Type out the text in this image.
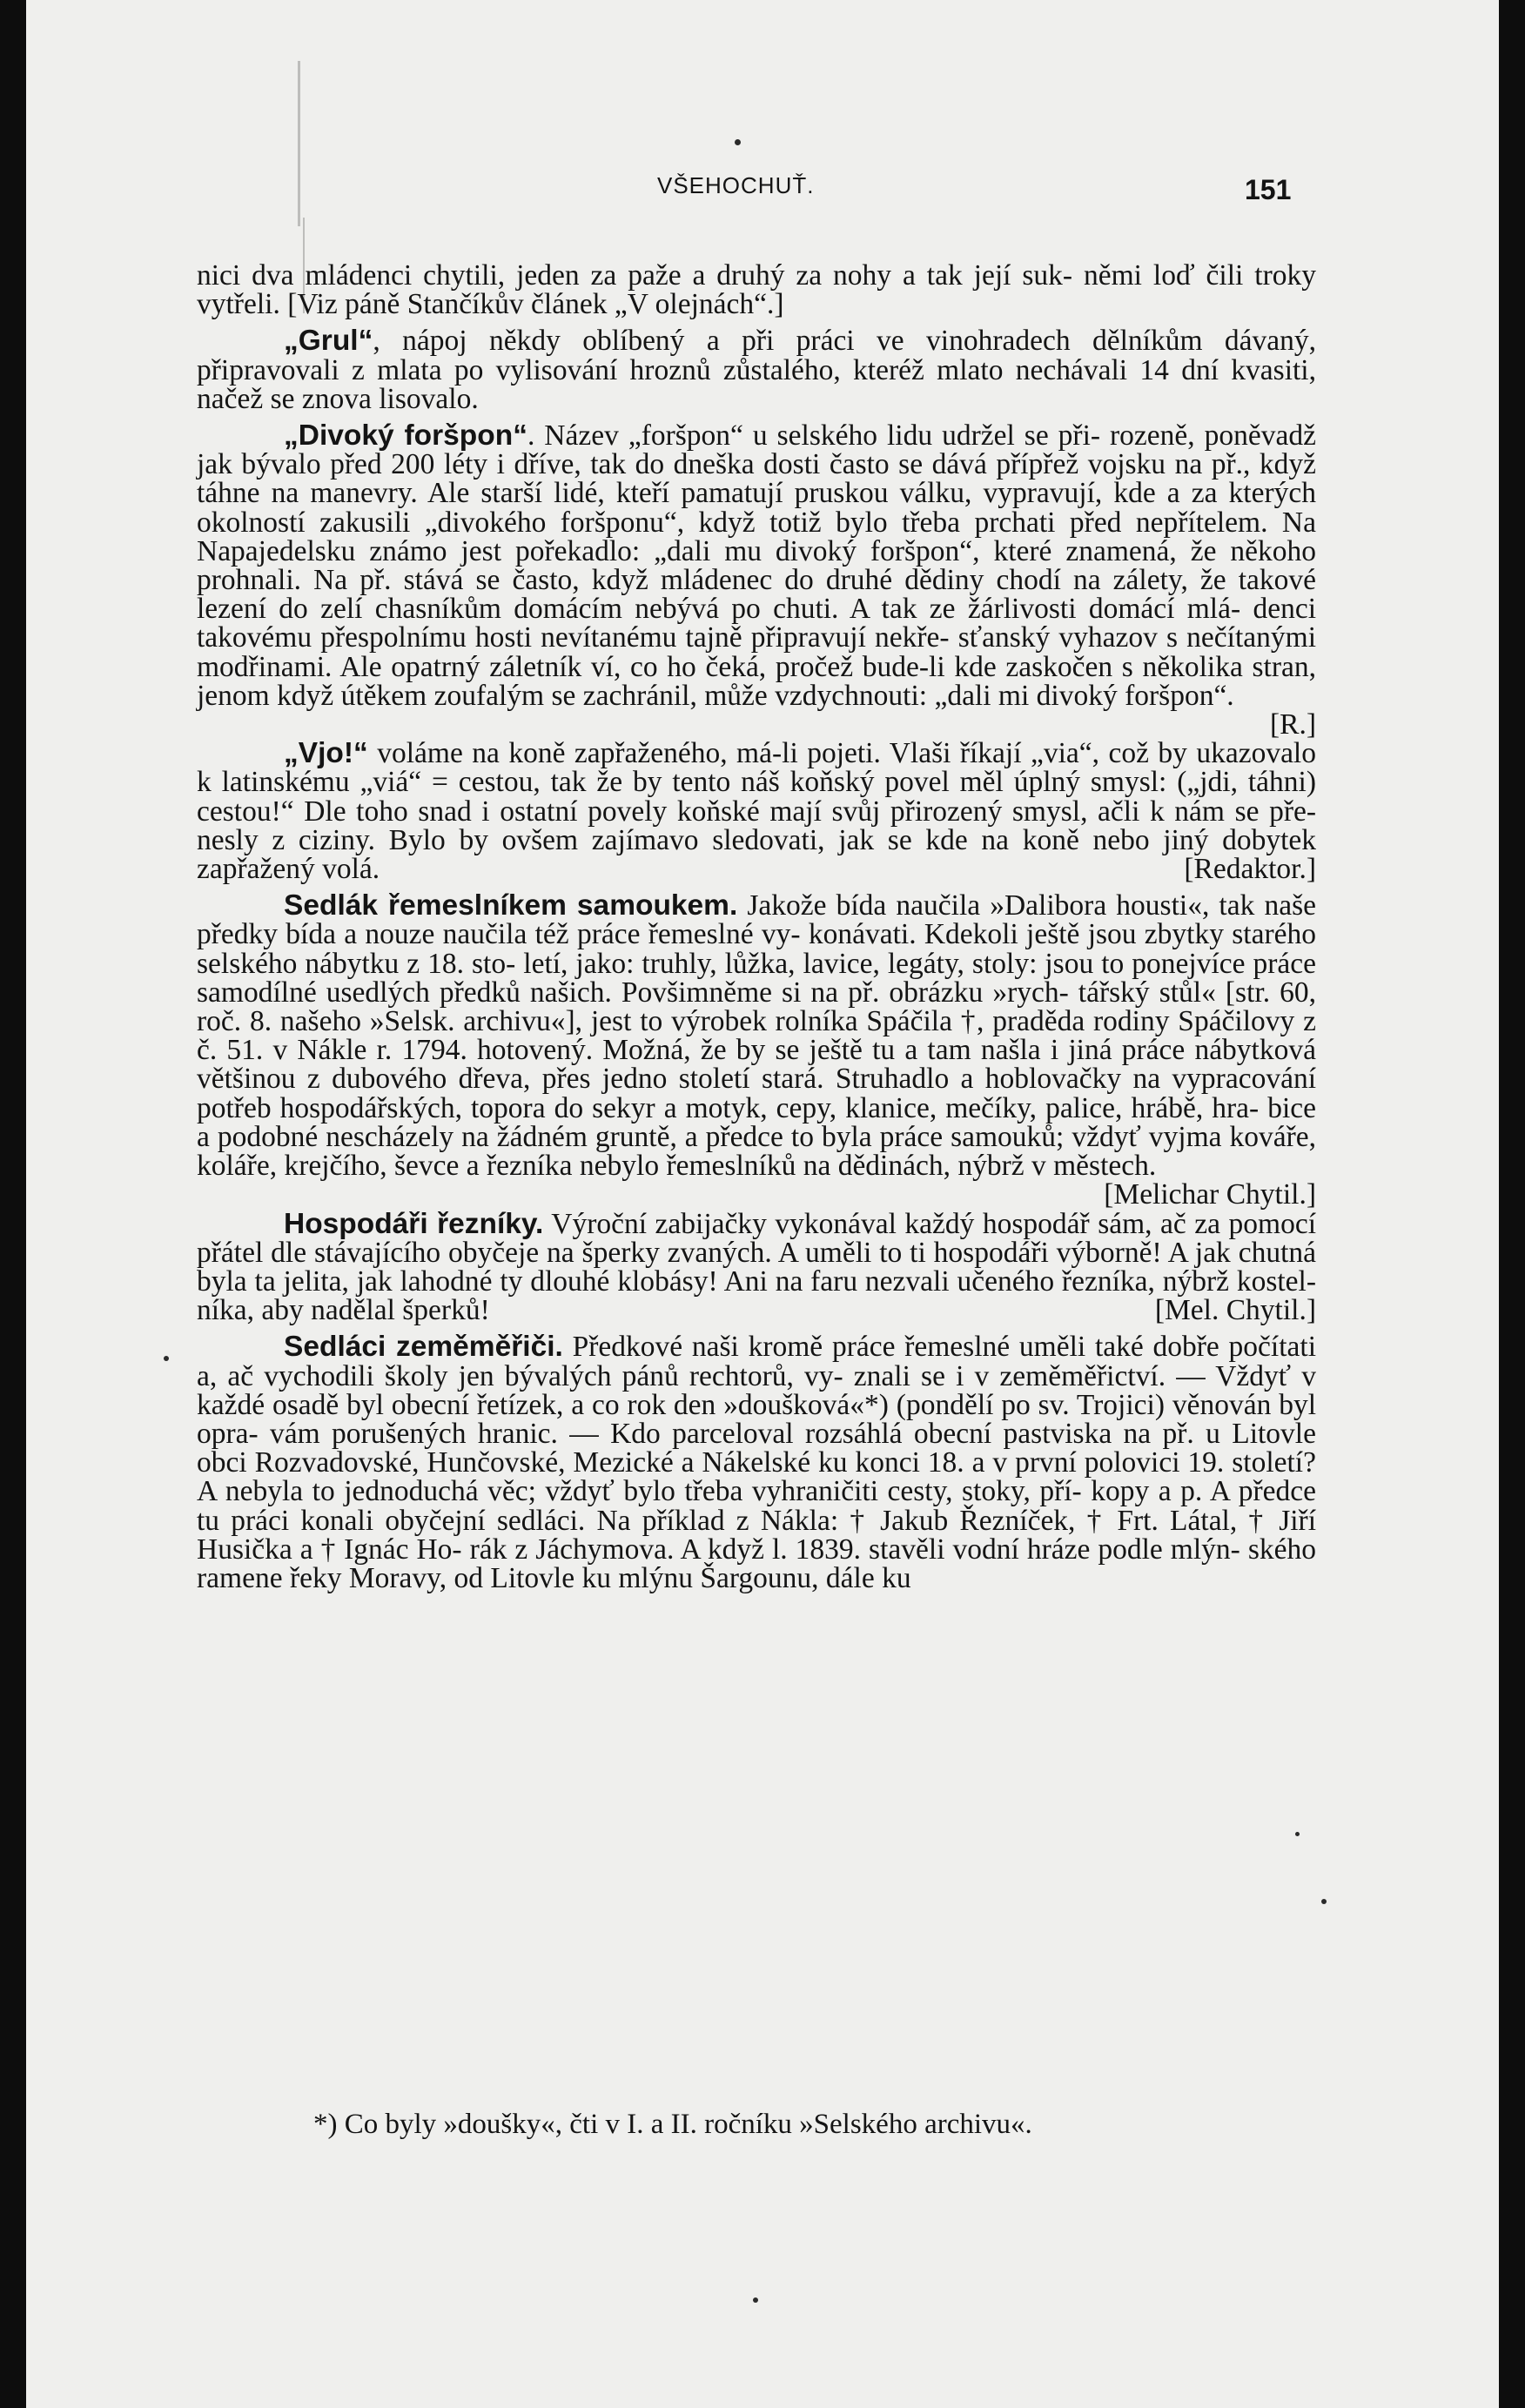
VŠEHOCHUŤ.	151

nici dva mládenci chytili, jeden za paže a druhý za nohy a tak její suk- němi loď čili troky vytřeli. [Viz páně Stančíkův článek „V olejnách“.]

„Grul“, nápoj někdy oblíbený a při práci ve vinohradech dělníkům dávaný, připravovali z mlata po vylisování hroznů zůstalého, kteréž mlato nechávali 14 dní kvasiti, načež se znova lisovalo.

„Divoký foršpon“. Název „foršpon“ u selského lidu udržel se při- rozeně, poněvadž jak bývalo před 200 léty i dříve, tak do dneška dosti často se dává přípřež vojsku na př., když táhne na manevry. Ale starší lidé, kteří pamatují pruskou válku, vypravují, kde a za kterých okolností zakusili „divokého foršponu“, když totiž bylo třeba prchati před nepřítelem. Na Napajedelsku známo jest pořekadlo: „dali mu divoký foršpon“, které znamená, že někoho prohnali. Na př. stává se často, když mládenec do druhé dědiny chodí na zálety, že takové lezení do zelí chasníkům domácím nebývá po chuti. A tak ze žárlivosti domácí mlá- denci takovému přespolnímu hosti nevítanému tajně připravují nekře- sťanský vyhazov s nečítanými modřinami. Ale opatrný záletník ví, co ho čeká, pročež bude-li kde zaskočen s několika stran, jenom když útěkem zoufalým se zachránil, může vzdychnouti: „dali mi divoký foršpon“.
[R.]

„Vjo!“ voláme na koně zapřaženého, má-li pojeti. Vlaši říkají „via“, což by ukazovalo k latinskému „viá“ = cestou, tak že by tento náš koňský povel měl úplný smysl: („jdi, táhni) cestou!“ Dle toho snad i ostatní povely koňské mají svůj přirozený smysl, ačli k nám se pře- nesly z ciziny. Bylo by ovšem zajímavo sledovati, jak se kde na koně nebo jiný dobytek zapřažený volá.	[Redaktor.]

Sedlák řemeslníkem samoukem. Jakože bída naučila »Dalibora housti«, tak naše předky bída a nouze naučila též práce řemeslné vy- konávati. Kdekoli ještě jsou zbytky starého selského nábytku z 18. sto- letí, jako: truhly, lůžka, lavice, legáty, stoly: jsou to ponejvíce práce samodílné usedlých předků našich. Povšimněme si na př. obrázku »rych- tářský stůl« [str. 60, roč. 8. našeho »Selsk. archivu«], jest to výrobek rolníka Spáčila †, praděda rodiny Spáčilovy z č. 51. v Nákle r. 1794. hotovený. Možná, že by se ještě tu a tam našla i jiná práce nábytková většinou z dubového dřeva, přes jedno století stará. Struhadlo a hoblovačky na vypracování potřeb hospodářských, topora do sekyr a motyk, cepy, klanice, mečíky, palice, hrábě, hra- bice a podobné nescházely na žádném gruntě, a předce to byla práce samouků; vždyť vyjma kováře, koláře, krejčího, ševce a řezníka nebylo řemeslníků na dědinách, nýbrž v městech.
[Melichar Chytil.]

Hospodáři řezníky. Výroční zabijačky vykonával každý hospodář sám, ač za pomocí přátel dle stávajícího obyčeje na šperky zvaných. A uměli to ti hospodáři výborně! A jak chutná byla ta jelita, jak lahodné ty dlouhé klobásy! Ani na faru nezvali učeného řezníka, nýbrž kostel- níka, aby nadělal šperků!	[Mel. Chytil.]

Sedláci zeměměřiči. Předkové naši kromě práce řemeslné uměli také dobře počítati a, ač vychodili školy jen bývalých pánů rechtorů, vy- znali se i v zeměměřictví. — Vždyť v každé osadě byl obecní řetízek, a co rok den »doušková«*) (pondělí po sv. Trojici) věnován byl opra- vám porušených hranic. — Kdo parceloval rozsáhlá obecní pastviska na př. u Litovle obci Rozvadovské, Hunčovské, Mezické a Nákelské ku konci 18. a v první polovici 19. století? A nebyla to jednoduchá věc; vždyť bylo třeba vyhraničiti cesty, stoky, pří- kopy a p. A předce tu práci konali obyčejní sedláci. Na příklad z Nákla: † Jakub Řezníček, † Frt. Látal, † Jiří Husička a † Ignác Ho- rák z Jáchymova. A když l. 1839. stavěli vodní hráze podle mlýn- ského ramene řeky Moravy, od Litovle ku mlýnu Šargounu, dále ku

*) Co byly »doušky«, čti v I. a II. ročníku »Selského archivu«.
